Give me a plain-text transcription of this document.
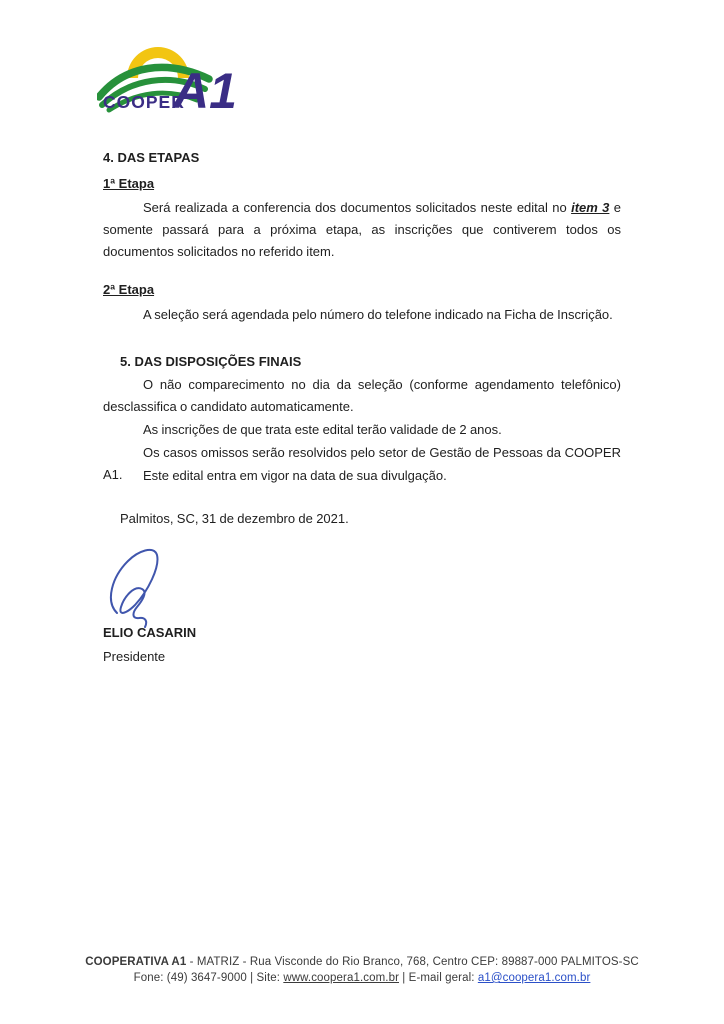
COOPER
A1
4. DAS ETAPAS
1ª Etapa
Será realizada a conferencia dos documentos solicitados neste edital no item 3 e somente passará para a próxima etapa, as inscrições que contiverem todos os documentos solicitados no referido item.
2ª Etapa
A seleção será agendada pelo número do telefone indicado na Ficha de Inscrição.
5. DAS DISPOSIÇÕES FINAIS
O não comparecimento no dia da seleção (conforme agendamento telefônico) desclassifica o candidato automaticamente.
As inscrições de que trata este edital terão validade de 2 anos.
Os casos omissos serão resolvidos pelo setor de Gestão de Pessoas da COOPER A1.	Este edital entra em vigor na data de sua divulgação.
Palmitos, SC, 31 de dezembro de 2021.
ELIO CASARIN
Presidente
COOPERATIVA A1 - MATRIZ - Rua Visconde do Rio Branco, 768, Centro CEP: 89887-000 PALMITOS-SC
Fone: (49) 3647-9000 | Site: www.coopera1.com.br | E-mail geral: a1@coopera1.com.br
